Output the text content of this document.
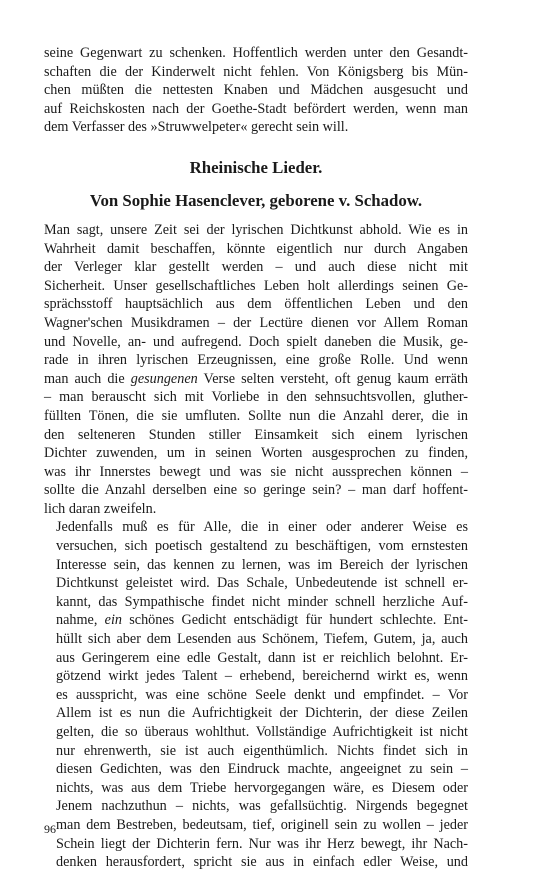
seine Gegenwart zu schenken. Hoffentlich werden unter den Gesandt-
schaften die der Kinderwelt nicht fehlen. Von Königsberg bis Mün-
chen müßten die nettesten Knaben und Mädchen ausgesucht und
auf Reichskosten nach der Goethe-Stadt befördert werden, wenn man
dem Verfasser des »Struwwelpeter« gerecht sein will.

Rheinische Lieder.
Von Sophie Hasenclever, geborene v. Schadow.

Man sagt, unsere Zeit sei der lyrischen Dichtkunst abhold. Wie es in
Wahrheit damit beschaffen, könnte eigentlich nur durch Angaben
der Verleger klar gestellt werden – und auch diese nicht mit
Sicherheit. Unser gesellschaftliches Leben holt allerdings seinen Ge-
sprächsstoff hauptsächlich aus dem öffentlichen Leben und den
Wagner'schen Musikdramen – der Lectüre dienen vor Allem Roman
und Novelle, an- und aufregend. Doch spielt daneben die Musik, ge-
rade in ihren lyrischen Erzeugnissen, eine große Rolle. Und wenn
man auch die gesungenen Verse selten versteht, oft genug kaum erräth
– man berauscht sich mit Vorliebe in den sehnsuchtsvollen, gluther-
füllten Tönen, die sie umfluten. Sollte nun die Anzahl derer, die in
den selteneren Stunden stiller Einsamkeit sich einem lyrischen
Dichter zuwenden, um in seinen Worten ausgesprochen zu finden,
was ihr Innerstes bewegt und was sie nicht aussprechen können –
sollte die Anzahl derselben eine so geringe sein? – man darf hoffent-
lich daran zweifeln.

Jedenfalls muß es für Alle, die in einer oder anderer Weise es
versuchen, sich poetisch gestaltend zu beschäftigen, vom ernstesten
Interesse sein, das kennen zu lernen, was im Bereich der lyrischen
Dichtkunst geleistet wird. Das Schale, Unbedeutende ist schnell er-
kannt, das Sympathische findet nicht minder schnell herzliche Auf-
nahme, ein schönes Gedicht entschädigt für hundert schlechte. Ent-
hüllt sich aber dem Lesenden aus Schönem, Tiefem, Gutem, ja, auch
aus Geringerem eine edle Gestalt, dann ist er reichlich belohnt. Er-
götzend wirkt jedes Talent – erhebend, bereichernd wirkt es, wenn
es ausspricht, was eine schöne Seele denkt und empfindet. – Vor
Allem ist es nun die Aufrichtigkeit der Dichterin, der diese Zeilen
gelten, die so überaus wohlthut. Vollständige Aufrichtigkeit ist nicht
nur ehrenwerth, sie ist auch eigenthümlich. Nichts findet sich in
diesen Gedichten, was den Eindruck machte, angeeignet zu sein –
nichts, was aus dem Triebe hervorgegangen wäre, es Diesem oder
Jenem nachzuthun – nichts, was gefallsüchtig. Nirgends begegnet
man dem Bestreben, bedeutsam, tief, originell sein zu wollen – jeder
Schein liegt der Dichterin fern. Nur was ihr Herz bewegt, ihr Nach-
denken herausfordert, spricht sie aus in einfach edler Weise, und

96
